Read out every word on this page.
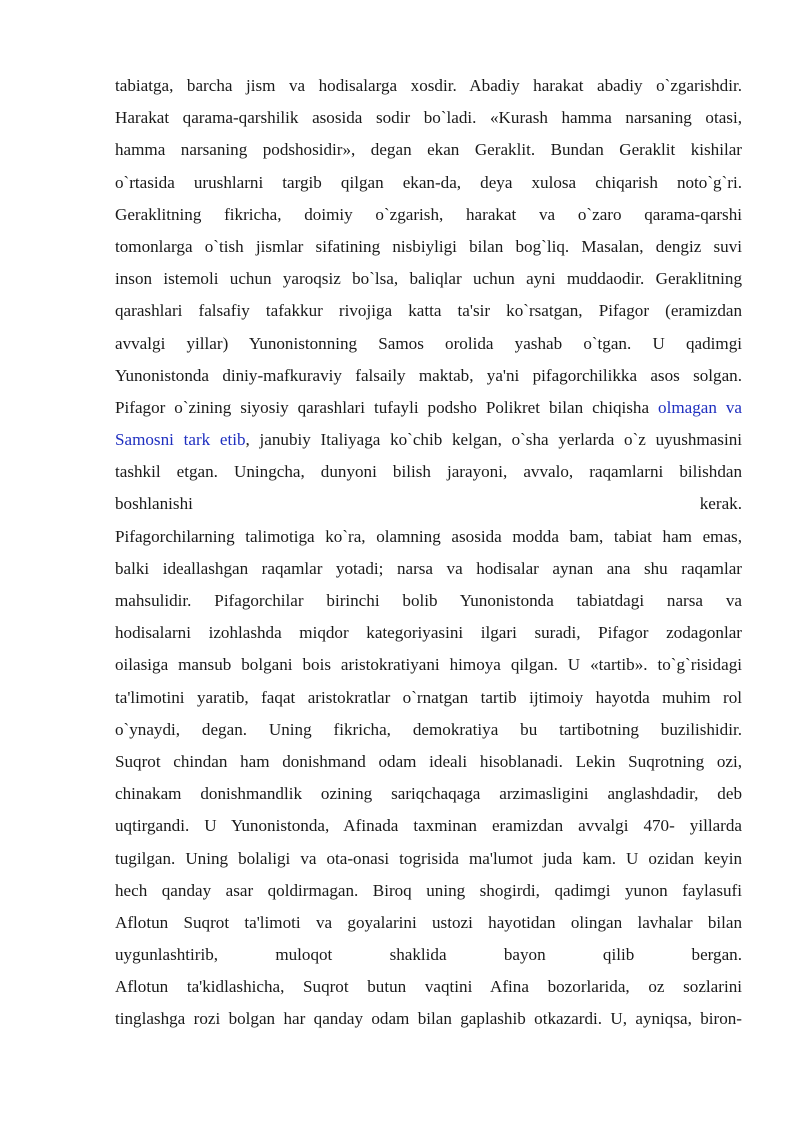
tabiatga, barcha jism va hodisalarga xosdir. Abadiy harakat abadiy o`zgarishdir.
Harakat qarama-qarshilik asosida sodir bo`ladi. «Kurash hamma narsaning otasi,
hamma narsaning podshosidir», degan ekan Geraklit. Bundan Geraklit kishilar
o`rtasida urushlarni targib qilgan ekan-da, deya xulosa chiqarish noto`g`ri.
Geraklitning fikricha, doimiy o`zgarish, harakat va o`zaro qarama-qarshi
tomonlarga o`tish jismlar sifatining nisbiyligi bilan bog`liq. Masalan, dengiz suvi
inson istemoli uchun yaroqsiz bo`lsa, baliqlar uchun ayni muddaodir. Geraklitning
qarashlari falsafiy tafakkur rivojiga katta ta'sir ko`rsatgan, Pifagor (eramizdan
avvalgi yillar) Yunonistonning Samos orolida yashab o`tgan. U qadimgi
Yunonistonda diniy-mafkuraviy falsaily maktab, ya'ni pifagorchilikka asos solgan.
Pifagor o`zining siyosiy qarashlari tufayli podsho Polikret bilan chiqisha olmagan va
Samosni tark etib, janubiy Italiyaga ko`chib kelgan, o`sha yerlarda o`z uyushmasini
tashkil etgan. Uningcha, dunyoni bilish jarayoni, avvalo, raqamlarni bilishdan
boshlanishi kerak.
Pifagorchilarning talimotiga ko`ra, olamning asosida modda bam, tabiat ham emas,
balki ideallashgan raqamlar yotadi; narsa va hodisalar aynan ana shu raqamlar
mahsulidir. Pifagorchilar birinchi bolib Yunonistonda tabiatdagi narsa va
hodisalarni izohlashda miqdor kategoriyasini ilgari suradi, Pifagor zodagonlar
oilasiga mansub bolgani bois aristokratiyani himoya qilgan. U «tartib». to`g`risidagi
ta'limotini yaratib, faqat aristokratlar o`rnatgan tartib ijtimoiy hayotda muhim rol
o`ynaydi, degan. Uning fikricha, demokratiya bu tartibotning buzilishidir.
Suqrot chindan ham donishmand odam ideali hisoblanadi. Lekin Suqrotning ozi,
chinakam donishmandlik ozining sariqchaqaga arzimasligini anglashdadir, deb
uqtirgandi. U Yunonistonda, Afinada taxminan eramizdan avvalgi 470- yillarda
tugilgan. Uning bolaligi va ota-onasi togrisida ma'lumot juda kam. U ozidan keyin
hech qanday asar qoldirmagan. Biroq uning shogirdi, qadimgi yunon faylasufi
Aflotun Suqrot ta'limoti va goyalarini ustozi hayotidan olingan lavhalar bilan
uygunlashtirib, muloqot shaklida bayon qilib bergan.
Aflotun ta'kidlashicha, Suqrot butun vaqtini Afina bozorlarida, oz sozlarini
tinglashga rozi bolgan har qanday odam bilan gaplashib otkazardi. U, ayniqsa, biron-
